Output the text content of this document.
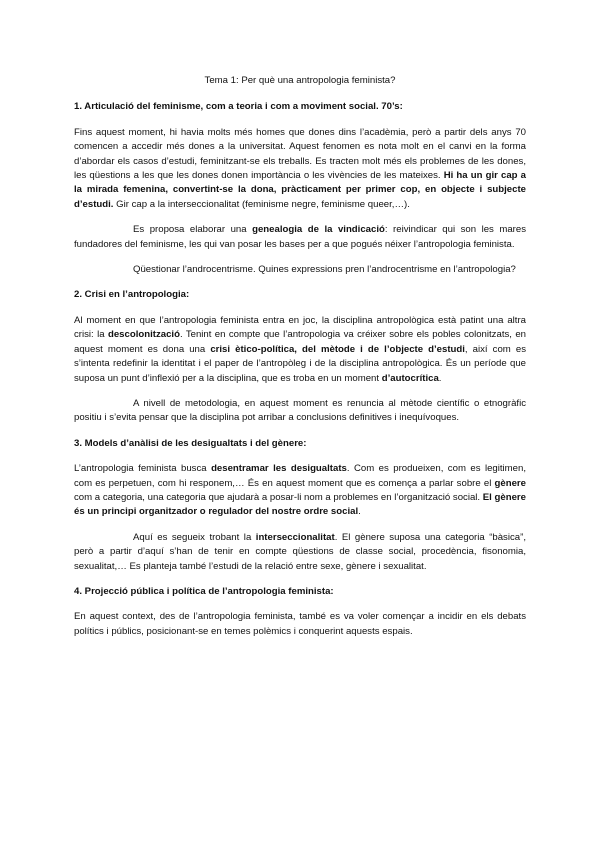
Tema 1: Per què una antropologia feminista?
1. Articulació del feminisme, com a teoria i com a moviment social. 70’s:

Fins aquest moment, hi havia molts més homes que dones dins l’acadèmia, però a partir dels anys 70 comencen a accedir més dones a la universitat. Aquest fenomen es nota molt en el canvi en la forma d’abordar els casos d’estudi, feminitzant-se els treballs. Es tracten molt més els problemes de les dones, les qüestions a les que les dones donen importància o les vivències de les mateixes. Hi ha un gir cap a la mirada femenina, convertint-se la dona, pràcticament per primer cop, en objecte i subjecte d’estudi. Gir cap a la interseccionalitat (feminisme negre, feminisme queer,…).

Es proposa elaborar una genealogia de la vindicació: reivindicar qui son les mares fundadores del feminisme, les qui van posar les bases per a que pogués néixer l’antropologia feminista.

Qüestionar l’androcentrisme. Quines expressions pren l’androcentrisme en l’antropologia?

2. Crisi en l’antropologia:

Al moment en que l’antropologia feminista entra en joc, la disciplina antropològica està patint una altra crisi: la descolonització. Tenint en compte que l’antropologia va créixer sobre els pobles colonitzats, en aquest moment es dona una crisi ètico-política, del mètode i de l’objecte d’estudi, així com es s’intenta redefinir la identitat i el paper de l’antropòleg i de la disciplina antropològica. És un període que suposa un punt d’inflexió per a la disciplina, que es troba en un moment d’autocrítica.

A nivell de metodologia, en aquest moment es renuncia al mètode científic o etnogràfic positiu i s’evita pensar que la disciplina pot arribar a conclusions definitives i inequívoques.

3. Models d’anàlisi de les desigualtats i del gènere:

L’antropologia feminista busca desentramar les desigualtats. Com es produeixen, com es legitimen, com es perpetuen, com hi responem,… És en aquest moment que es comença a parlar sobre el gènere com a categoria, una categoria que ajudarà a posar-li nom a problemes en l’organització social. El gènere és un principi organitzador o regulador del nostre ordre social.

Aquí es segueix trobant la interseccionalitat. El gènere suposa una categoria “bàsica”, però a partir d’aquí s’han de tenir en compte qüestions de classe social, procedència, fisonomia, sexualitat,… Es planteja també l’estudi de la relació entre sexe, gènere i sexualitat.

4. Projecció pública i política de l’antropologia feminista:

En aquest context, des de l’antropologia feminista, també es va voler començar a incidir en els debats polítics i públics, posicionant-se en temes polèmics i conquerint aquests espais.
